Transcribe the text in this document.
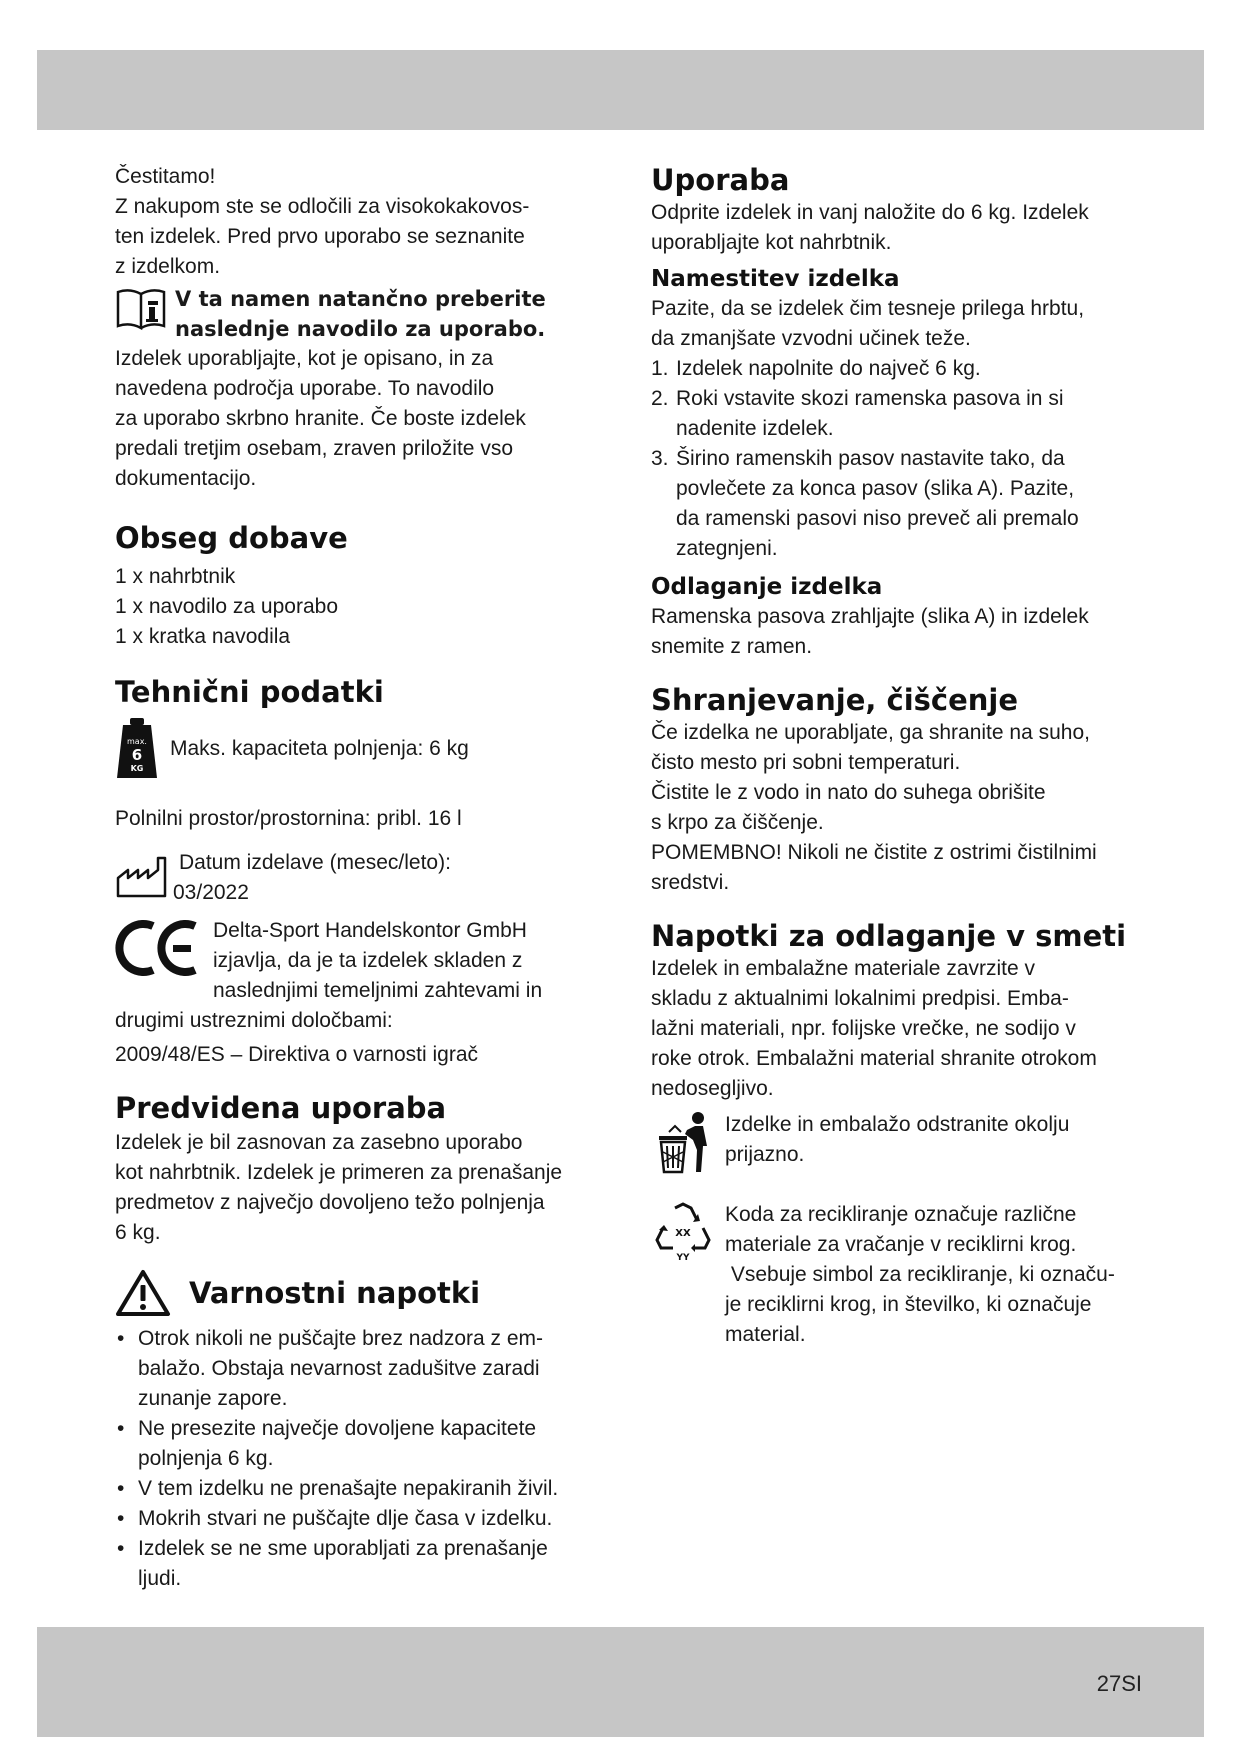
Čestitamo!

Z nakupom ste se odločili za visokokakovos-

ten izdelek. Pred prvo uporabo se seznanite

z izdelkom.

V ta namen natančno preberite

naslednje navodilo za uporabo.

Izdelek uporabljajte, kot je opisano, in za

navedena področja uporabe. To navodilo

za uporabo skrbno hranite. Če boste izdelek

predali tretjim osebam, zraven priložite vso

dokumentacijo.

Obseg dobave

1 x nahrbtnik

1 x navodilo za uporabo

1 x kratka navodila

Tehnični podatki
max.
6
KG

Maks. kapaciteta polnjenja: 6 kg

Polnilni prostor/prostornina: pribl. 16 l

Datum izdelave (mesec/leto):

03/2022

Delta-Sport Handelskontor GmbH

izjavlja, da je ta izdelek skladen z

naslednjimi temeljnimi zahtevami in

drugimi ustreznimi določbami:

2009/48/ES – Direktiva o varnosti igrač

Predvidena uporaba

Izdelek je bil zasnovan za zasebno uporabo

kot nahrbtnik. Izdelek je primeren za prenašanje

predmetov z največjo dovoljeno težo polnjenja

6 kg.

Varnostni napotki

• Otrok nikoli ne puščajte brez nadzora z em-

balažo. Obstaja nevarnost zadušitve zaradi

zunanje zapore.

• Ne presezite največje dovoljene kapacitete

polnjenja 6 kg.

• V tem izdelku ne prenašajte nepakiranih živil.

• Mokrih stvari ne puščajte dlje časa v izdelku.

• Izdelek se ne sme uporabljati za prenašanje

ljudi.

Uporaba

Odprite izdelek in vanj naložite do 6 kg. Izdelek

uporabljajte kot nahrbtnik.

Namestitev izdelka

Pazite, da se izdelek čim tesneje prilega hrbtu,

da zmanjšate vzvodni učinek teže.

1. Izdelek napolnite do največ 6 kg.

2. Roki vstavite skozi ramenska pasova in si

nadenite izdelek.

3. Širino ramenskih pasov nastavite tako, da

povlečete za konca pasov (slika A). Pazite,

da ramenski pasovi niso preveč ali premalo

zategnjeni.

Odlaganje izdelka

Ramenska pasova zrahljajte (slika A) in izdelek

snemite z ramen.

Shranjevanje, čiščenje

Če izdelka ne uporabljate, ga shranite na suho,

čisto mesto pri sobni temperaturi.

Čistite le z vodo in nato do suhega obrišite

s krpo za čiščenje.

POMEMBNO! Nikoli ne čistite z ostrimi čistilnimi

sredstvi.

Napotki za odlaganje v smeti

Izdelek in embalažne materiale zavrzite v

skladu z aktualnimi lokalnimi predpisi. Emba-

lažni materiali, npr. folijske vrečke, ne sodijo v

roke otrok. Embalažni material shranite otrokom

nedosegljivo.

Izdelke in embalažo odstranite okolju

prijazno.

XX
YY

Koda za recikliranje označuje različne

materiale za vračanje v reciklirni krog.

Vsebuje simbol za recikliranje, ki označu-

je reciklirni krog, in številko, ki označuje

material.

27SI
